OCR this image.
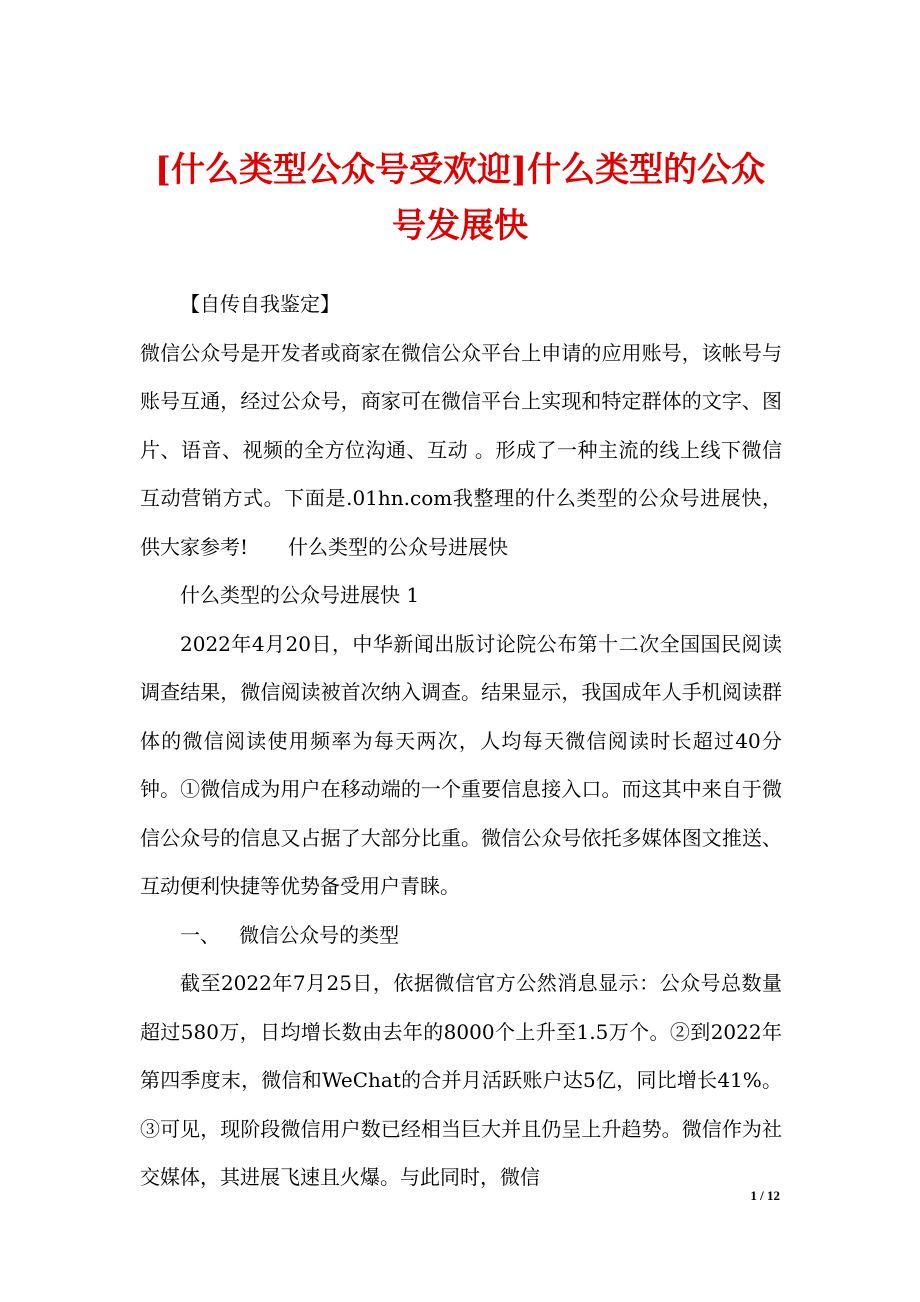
[什么类型公众号受欢迎]什么类型的公众
号发展快

【自传自我鉴定】

微信公众号是开发者或商家在微信公众平台上申请的应用账号，该帐号与账号互通，经过公众号，商家可在微信平台上实现和特定群体的文字、图片、语音、视频的全方位沟通、互动 。形成了一种主流的线上线下微信互动营销方式。下面是.01hn.com我整理的什么类型的公众号进展快，供大家参考!　　什么类型的公众号进展快

什么类型的公众号进展快 1

2022年4月20日，中华新闻出版讨论院公布第十二次全国国民阅读调查结果，微信阅读被首次纳入调查。结果显示，我国成年人手机阅读群体的微信阅读使用频率为每天两次，人均每天微信阅读时长超过40分钟。①微信成为用户在移动端的一个重要信息接入口。而这其中来自于微信公众号的信息又占据了大部分比重。微信公众号依托多媒体图文推送、互动便利快捷等优势备受用户青睐。

一、 微信公众号的类型

截至2022年7月25日，依据微信官方公然消息显示：公众号总数量超过580万，日均增长数由去年的8000个上升至1.5万个。②到2022年第四季度末，微信和WeChat的合并月活跃账户达5亿，同比增长41%。③可见，现阶段微信用户数已经相当巨大并且仍呈上升趋势。微信作为社交媒体，其进展飞速且火爆。与此同时，微信

1 / 12
